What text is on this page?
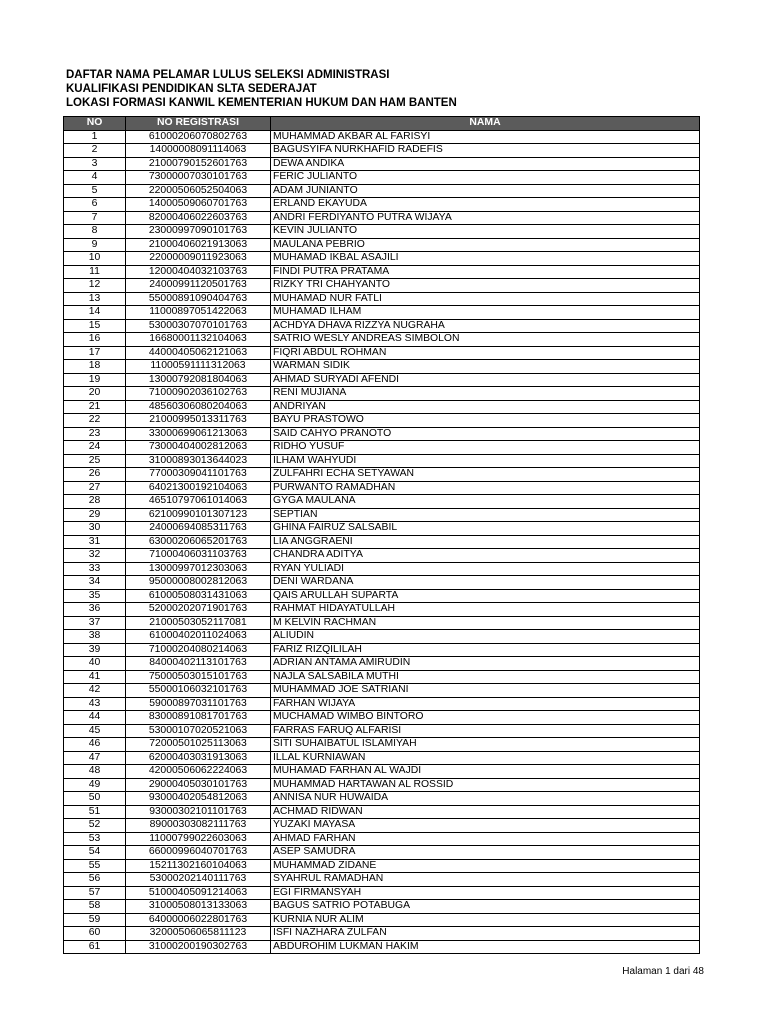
DAFTAR NAMA PELAMAR LULUS SELEKSI ADMINISTRASI
KUALIFIKASI PENDIDIKAN SLTA SEDERAJAT
LOKASI FORMASI KANWIL KEMENTERIAN HUKUM DAN HAM BANTEN
NO	NO REGISTRASI	NAMA
1	61000206070802763	MUHAMMAD AKBAR AL FARISYI
2	14000008091114063	BAGUSYIFA NURKHAFID RADEFIS
3	21000790152601763	DEWA ANDIKA
4	73000007030101763	FERIC JULIANTO
5	22000506052504063	ADAM JUNIANTO
6	14000509060701763	ERLAND EKAYUDA
7	82000406022603763	ANDRI FERDIYANTO PUTRA WIJAYA
8	23000997090101763	KEVIN JULIANTO
9	21000406021913063	MAULANA PEBRIO
10	22000009011923063	MUHAMAD IKBAL ASAJILI
11	12000404032103763	FINDI PUTRA PRATAMA
12	24000991120501763	RIZKY TRI CHAHYANTO
13	55000891090404763	MUHAMAD NUR FATLI
14	11000897051422063	MUHAMAD ILHAM
15	53000307070101763	ACHDYA DHAVA RIZZYA NUGRAHA
16	16680001132104063	SATRIO WESLY ANDREAS SIMBOLON
17	44000405062121063	FIQRI ABDUL ROHMAN
18	11000591111312063	WARMAN SIDIK
19	13000792081804063	AHMAD SURYADI AFENDI
20	71000902036102763	RENI MUJIANA
21	48560306080204063	ANDRIYAN
22	21000995013311763	BAYU PRASTOWO
23	33000699061213063	SAID CAHYO PRANOTO
24	73000404002812063	RIDHO YUSUF
25	31000893013644023	ILHAM WAHYUDI
26	77000309041101763	ZULFAHRI ECHA SETYAWAN
27	64021300192104063	PURWANTO RAMADHAN
28	46510797061014063	GYGA MAULANA
29	62100990101307123	SEPTIAN
30	24000694085311763	GHINA FAIRUZ SALSABIL
31	63000206065201763	LIA ANGGRAENI
32	71000406031103763	CHANDRA ADITYA
33	13000997012303063	RYAN YULIADI
34	95000008002812063	DENI WARDANA
35	61000508031431063	QAIS ARULLAH SUPARTA
36	52000202071901763	RAHMAT HIDAYATULLAH
37	21000503052117081	M KELVIN RACHMAN
38	61000402011024063	ALIUDIN
39	71000204080214063	FARIZ RIZQILILAH
40	84000402113101763	ADRIAN ANTAMA AMIRUDIN
41	75000503015101763	NAJLA SALSABILA MUTHI
42	55000106032101763	MUHAMMAD JOE SATRIANI
43	59000897031101763	FARHAN WIJAYA
44	83000891081701763	MUCHAMAD WIMBO BINTORO
45	53000107020521063	FARRAS FARUQ ALFARISI
46	72000501025113063	SITI SUHAIBATUL ISLAMIYAH
47	62000403031913063	ILLAL KURNIAWAN
48	42000506062224063	MUHAMAD FARHAN AL WAJDI
49	29000405030101763	MUHAMMAD HARTAWAN AL ROSSID
50	93000402054812063	ANNISA NUR HUWAIDA
51	93000302101101763	ACHMAD RIDWAN
52	89000303082111763	YUZAKI MAYASA
53	11000799022603063	AHMAD FARHAN
54	66000996040701763	ASEP SAMUDRA
55	15211302160104063	MUHAMMAD ZIDANE
56	53000202140111763	SYAHRUL RAMADHAN
57	51000405091214063	EGI FIRMANSYAH
58	31000508013133063	BAGUS SATRIO POTABUGA
59	64000006022801763	KURNIA NUR ALIM
60	32000506065811123	ISFI NAZHARA ZULFAN
61	31000200190302763	ABDUROHIM LUKMAN HAKIM
Halaman 1 dari 48
